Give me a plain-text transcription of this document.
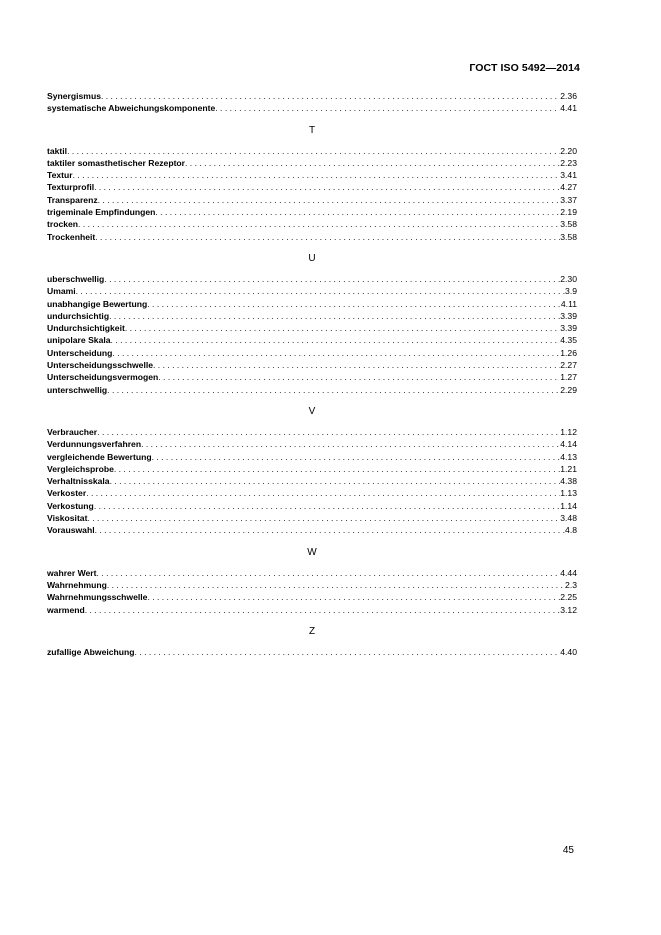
ГОСТ ISO 5492—2014
Synergismus . . .	2.36
systematische Abweichungskomponente . . .	4.41
T
taktil . . .	2.20
taktiler somasthetischer Rezeptor . . .	2.23
Textur . . .	3.41
Texturprofil . . .	4.27
Transparenz . . .	3.37
trigeminale Empfindungen . . .	2.19
trocken . . .	3.58
Trockenheit . . .	3.58
U
uberschwellig . . .	2.30
Umami . . .	3.9
unabhangige Bewertung . . .	4.11
undurchsichtig . . .	3.39
Undurchsichtigkeit . . .	3.39
unipolare Skala . . .	4.35
Unterscheidung . . .	1.26
Unterscheidungsschwelle . . .	2.27
Unterscheidungsvermogen . . .	1.27
unterschwellig . . .	2.29
V
Verbraucher . . .	1.12
Verdunnungsverfahren . . .	4.14
vergleichende Bewertung . . .	4.13
Vergleichsprobe . . .	1.21
Verhaltnisskala . . .	4.38
Verkoster . . .	1.13
Verkostung . . .	1.14
Viskositat . . .	3.48
Vorauswahl . . .	4.8
W
wahrer Wert . . .	4.44
Wahrnehmung . . .	2.3
Wahrnehmungsschwelle . . .	2.25
warmend . . .	3.12
Z
zufallige Abweichung . . .	4.40
45
